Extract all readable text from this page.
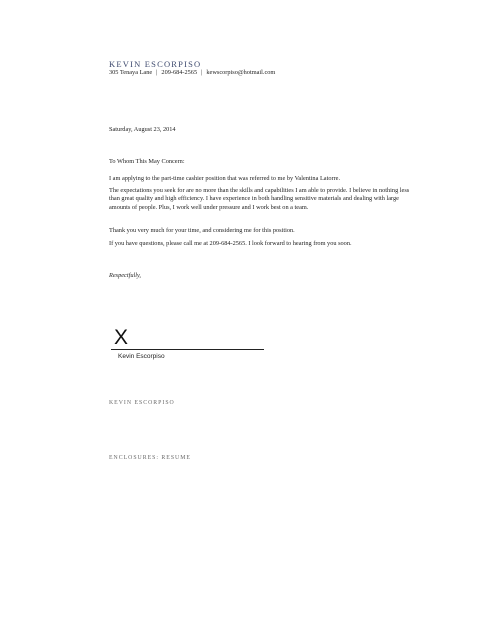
KEVIN ESCORPISO
305 Tenaya Lane | 209-684-2565 | kewscorpiso@hotmail.com
Saturday, August 23, 2014
To Whom This May Concern:
I am applying to the part-time cashier position that was referred to me by Valentina Latorre.
The expectations you seek for are no more than the skills and capabilities I am able to provide. I believe in nothing less than great quality and high efficiency. I have experience in both handling sensitive materials and dealing with large amounts of people. Plus, I work well under pressure and I work best on a team.
Thank you very much for your time, and considering me for this position.
If you have questions, please call me at 209-684-2565. I look forward to hearing from you soon.
Respectfully,
X
Kevin Escorpiso
KEVIN ESCORPISO
ENCLOSURES: RESUME
